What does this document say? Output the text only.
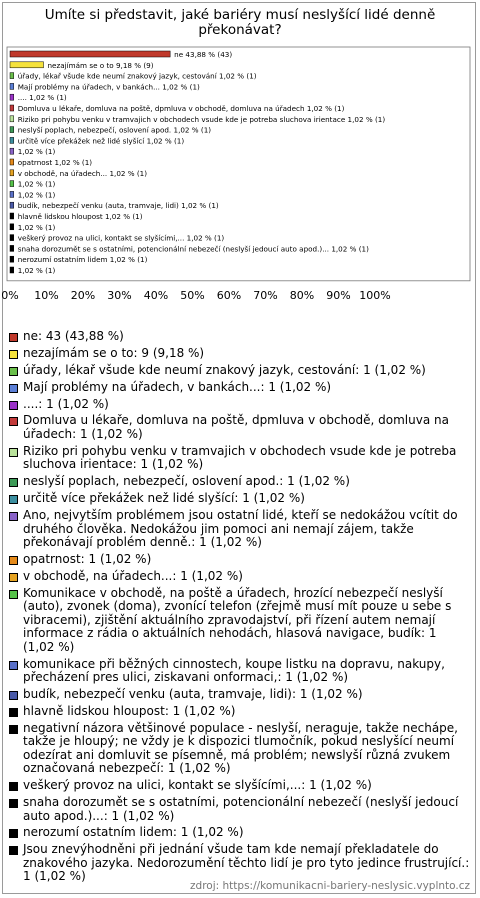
Umíte si představit, jaké bariéry musí neslyšící lidé denně překonávat?
ne 43,88 % (43)
nezajímám se o to 9,18 % (9)
úřady, lékař všude kde neumí znakový jazyk, cestování 1,02 % (1)
Mají problémy na úřadech, v bankách... 1,02 % (1)
.... 1,02 % (1)
Domluva u lékaře, domluva na poště, dpmluva v obchodě, domluva na úřadech 1,02 % (1)
Riziko pri pohybu venku v tramvajich v obchodech vsude kde je potreba sluchova irientace 1,02 % (1)
neslyší poplach, nebezpečí, oslovení apod. 1,02 % (1)
určitě více překážek než lidé slyšící 1,02 % (1)
1,02 % (1)
opatrnost 1,02 % (1)
v obchodě, na úřadech... 1,02 % (1)
1,02 % (1)
1,02 % (1)
budík, nebezpečí venku (auta, tramvaje, lidi) 1,02 % (1)
hlavně lidskou hloupost 1,02 % (1)
1,02 % (1)
veškerý provoz na ulici, kontakt se slyšícími,... 1,02 % (1)
snaha dorozumět se s ostatními, potencionální nebezečí (neslyší jedoucí auto apod.)... 1,02 % (1)
nerozumí ostatním lidem 1,02 % (1)
1,02 % (1)
0% 10% 20% 30% 40% 50% 60% 70% 80% 90% 100%
ne: 43 (43,88 %)
nezajímám se o to: 9 (9,18 %)
úřady, lékař všude kde neumí znakový jazyk, cestování: 1 (1,02 %)
Mají problémy na úřadech, v bankách...: 1 (1,02 %)
....: 1 (1,02 %)
Domluva u lékaře, domluva na poště, dpmluva v obchodě, domluva na úřadech: 1 (1,02 %)
Riziko pri pohybu venku v tramvajich v obchodech vsude kde je potreba sluchova irientace: 1 (1,02 %)
neslyší poplach, nebezpečí, oslovení apod.: 1 (1,02 %)
určitě více překážek než lidé slyšící: 1 (1,02 %)
Ano, nejvytším problémem jsou ostatní lidé, kteří se nedokážou vcítit do druhého člověka. Nedokážou jim pomoci ani nemají zájem, takže překonávají problém denně.: 1 (1,02 %)
opatrnost: 1 (1,02 %)
v obchodě, na úřadech...: 1 (1,02 %)
Komunikace v obchodě, na poště a úřadech, hrozící nebezpečí neslyší (auto), zvonek (doma), zvonící telefon (zřejmě musí mít pouze u sebe s vibracemi), zjištění aktuálního zpravodajství, při řízení autem nemají informace z rádia o aktuálních nehodách, hlasová navigace, budík: 1 (1,02 %)
komunikace při běžných cinnostech, koupe listku na dopravu, nakupy, přecházení pres ulici, ziskavani onformaci,: 1 (1,02 %)
budík, nebezpečí venku (auta, tramvaje, lidi): 1 (1,02 %)
hlavně lidskou hloupost: 1 (1,02 %)
negativní názora většinové populace - neslyší, neraguje, takže nechápe, takže je hloupý; ne vždy je k dispozici tlumočník, pokud neslyšící neumí odezírat ani domluvit se písemně, má problém; newslyší různá zvukem označovaná nebezpečí: 1 (1,02 %)
veškerý provoz na ulici, kontakt se slyšícími,...: 1 (1,02 %)
snaha dorozumět se s ostatními, potencionální nebezečí (neslyší jedoucí auto apod.)...: 1 (1,02 %)
nerozumí ostatním lidem: 1 (1,02 %)
Jsou znevýhodněni při jednání všude tam kde nemají překladatele do znakového jazyka. Nedorozumění těchto lidí je pro tyto jedince frustrující.: 1 (1,02 %)
zdroj: https://komunikacni-bariery-neslysic.vyplnto.cz
